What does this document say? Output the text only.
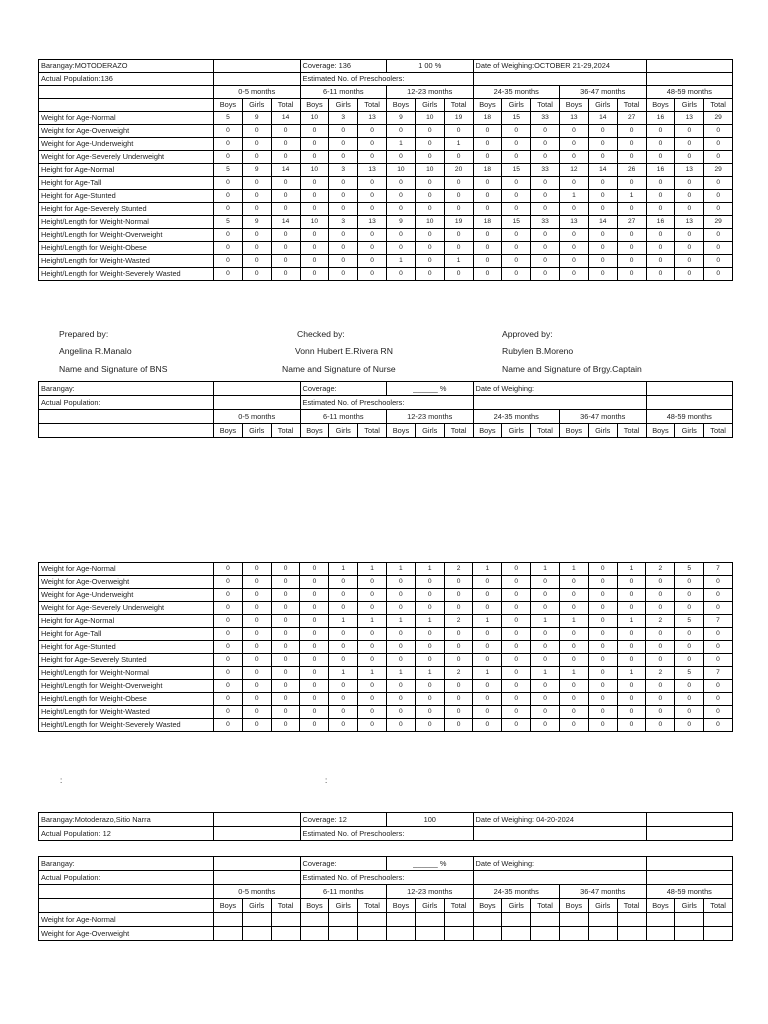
Barangay:MOTODERAZO				Coverage: 136			1 00 %			Date of Weighing:OCTOBER 21-29,2024								
Actual Population:136				Estimated No. of Preschoolers:														
	0-5 months			6-11 months			12-23 months			24-35 months			36-47 months			48-59 months		
	Boys	Girls	Total	Boys	Girls	Total	Boys	Girls	Total	Boys	Girls	Total	Boys	Girls	Total	Boys	Girls	Total
Weight for Age-Normal	5	9	14	10	3	13	9	10	19	18	15	33	13	14	27	16	13	29
Weight for Age-Overweight	0	0	0	0	0	0	0	0	0	0	0	0	0	0	0	0	0	0
Weight for Age-Underweight	0	0	0	0	0	0	1	0	1	0	0	0	0	0	0	0	0	0
Weight for Age-Severely Underweight	0	0	0	0	0	0	0	0	0	0	0	0	0	0	0	0	0	0
Height for Age-Normal	5	9	14	10	3	13	10	10	20	18	15	33	12	14	26	16	13	29
Height for Age-Tall	0	0	0	0	0	0	0	0	0	0	0	0	0	0	0	0	0	0
Height for Age-Stunted	0	0	0	0	0	0	0	0	0	0	0	0	1	0	1	0	0	0
Height for Age-Severely Stunted	0	0	0	0	0	0	0	0	0	0	0	0	0	0	0	0	0	0
Height/Length for Weight-Normal	5	9	14	10	3	13	9	10	19	18	15	33	13	14	27	16	13	29
Height/Length for Weight-Overweight	0	0	0	0	0	0	0	0	0	0	0	0	0	0	0	0	0	0
Height/Length for Weight-Obese	0	0	0	0	0	0	0	0	0	0	0	0	0	0	0	0	0	0
Height/Length for Weight-Wasted	0	0	0	0	0	0	1	0	1	0	0	0	0	0	0	0	0	0
Height/Length for Weight-Severely Wasted	0	0	0	0	0	0	0	0	0	0	0	0	0	0	0	0	0	0
Prepared by:
Angelina R.Manalo
Name and Signature of BNS
Checked by:
Vonn Hubert E.Rivera RN
Name and Signature of Nurse
Approved by:
Rubylen B.Moreno
Name and Signature of Brgy.Captain
Barangay:				Coverage:			______ %			Date of Weighing:								
Actual Population:				Estimated No. of Preschoolers:														
	0-5 months			6-11 months			12-23 months			24-35 months			36-47 months			48-59 months		
	Boys	Girls	Total	Boys	Girls	Total	Boys	Girls	Total	Boys	Girls	Total	Boys	Girls	Total	Boys	Girls	Total
Weight for Age-Normal	0	0	0	0	1	1	1	1	2	1	0	1	1	0	1	2	5	7
Weight for Age-Overweight	0	0	0	0	0	0	0	0	0	0	0	0	0	0	0	0	0	0
Weight for Age-Underweight	0	0	0	0	0	0	0	0	0	0	0	0	0	0	0	0	0	0
Weight for Age-Severely Underweight	0	0	0	0	0	0	0	0	0	0	0	0	0	0	0	0	0	0
Height for Age-Normal	0	0	0	0	1	1	1	1	2	1	0	1	1	0	1	2	5	7
Height for Age-Tall	0	0	0	0	0	0	0	0	0	0	0	0	0	0	0	0	0	0
Height for Age-Stunted	0	0	0	0	0	0	0	0	0	0	0	0	0	0	0	0	0	0
Height for Age-Severely Stunted	0	0	0	0	0	0	0	0	0	0	0	0	0	0	0	0	0	0
Height/Length for Weight-Normal	0	0	0	0	1	1	1	1	2	1	0	1	1	0	1	2	5	7
Height/Length for Weight-Overweight	0	0	0	0	0	0	0	0	0	0	0	0	0	0	0	0	0	0
Height/Length for Weight-Obese	0	0	0	0	0	0	0	0	0	0	0	0	0	0	0	0	0	0
Height/Length for Weight-Wasted	0	0	0	0	0	0	0	0	0	0	0	0	0	0	0	0	0	0
Height/Length for Weight-Severely Wasted	0	0	0	0	0	0	0	0	0	0	0	0	0	0	0	0	0	0
:	:
Barangay:Motoderazo,Sitio Narra		Coverage: 12	100	Date of Weighing: 04-20-2024	
Actual Population: 12		Estimated No. of Preschoolers:			
Barangay:				Coverage:			______ %			Date of Weighing:								
Actual Population:				Estimated No. of Preschoolers:														
	0-5 months			6-11 months			12-23 months			24-35 months			36-47 months			48-59 months		
	Boys	Girls	Total	Boys	Girls	Total	Boys	Girls	Total	Boys	Girls	Total	Boys	Girls	Total	Boys	Girls	Total
Weight for Age-Normal																		
Weight for Age-Overweight																		
